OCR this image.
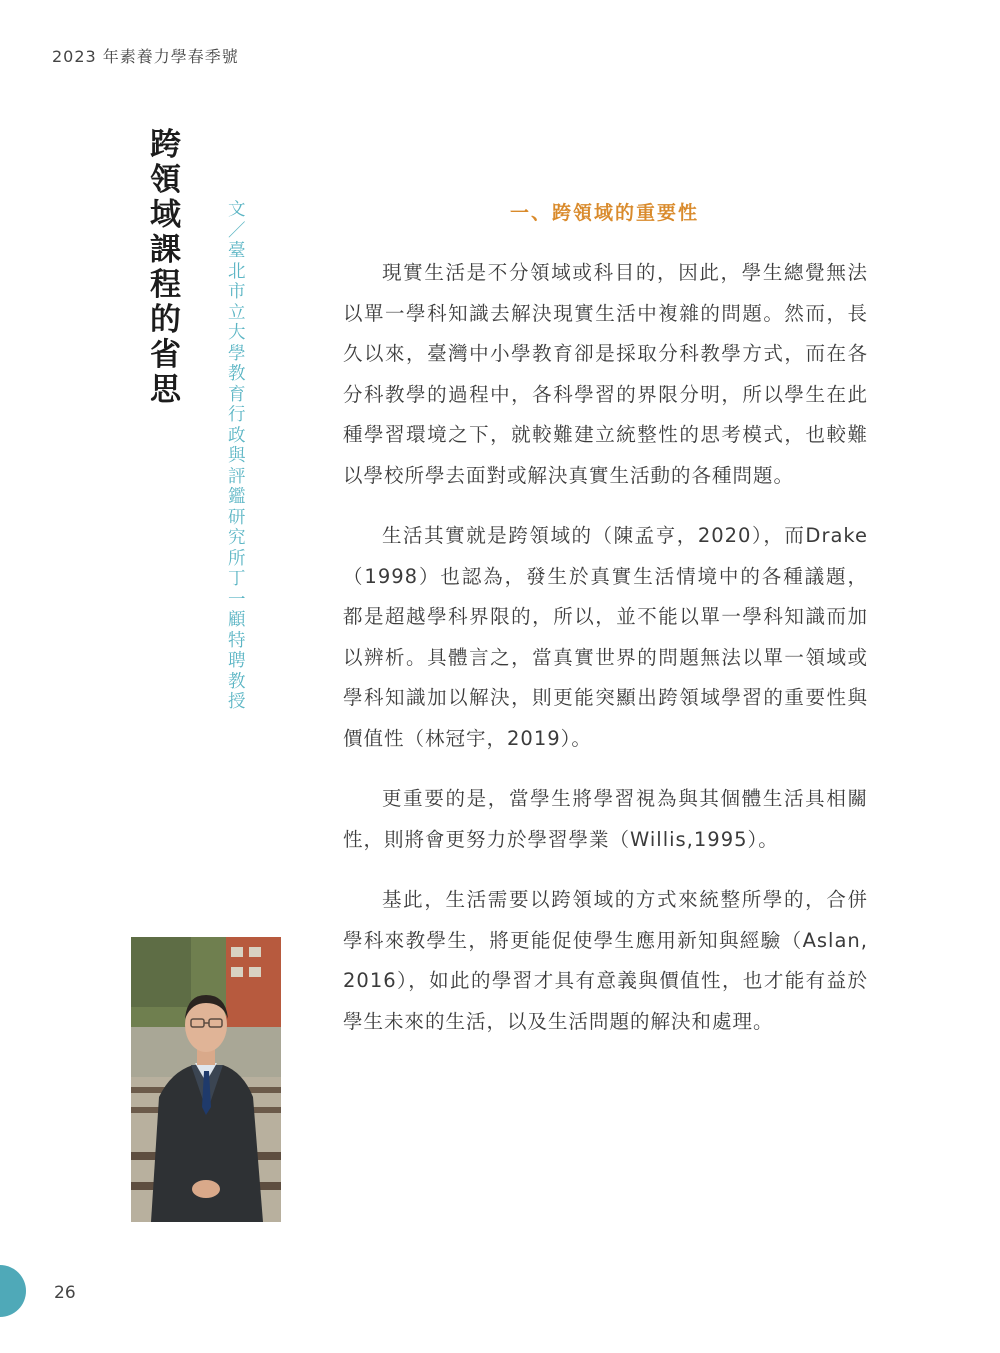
2023 年素養力學春季號
跨領域課程的省思
文／臺北市立大學教育行政與評鑑研究所 丁一顧特聘教授
一、跨領域的重要性

現實生活是不分領域或科目的，因此，學生總覺無法以單一學科知識去解決現實生活中複雜的問題。然而，長久以來，臺灣中小學教育卻是採取分科教學方式，而在各分科教學的過程中，各科學習的界限分明，所以學生在此種學習環境之下，就較難建立統整性的思考模式，也較難以學校所學去面對或解決真實生活動的各種問題。

生活其實就是跨領域的（陳孟亨，2020），而Drake（1998）也認為，發生於真實生活情境中的各種議題，都是超越學科界限的，所以，並不能以單一學科知識而加以辨析。具體言之，當真實世界的問題無法以單一領域或學科知識加以解決，則更能突顯出跨領域學習的重要性與價值性（林冠宇，2019）。

更重要的是，當學生將學習視為與其個體生活具相關性，則將會更努力於學習學業（Willis,1995）。

基此，生活需要以跨領域的方式來統整所學的，合併學科來教學生，將更能促使學生應用新知與經驗（Aslan, 2016），如此的學習才具有意義與價值性，也才能有益於學生未來的生活，以及生活問題的解決和處理。

26
